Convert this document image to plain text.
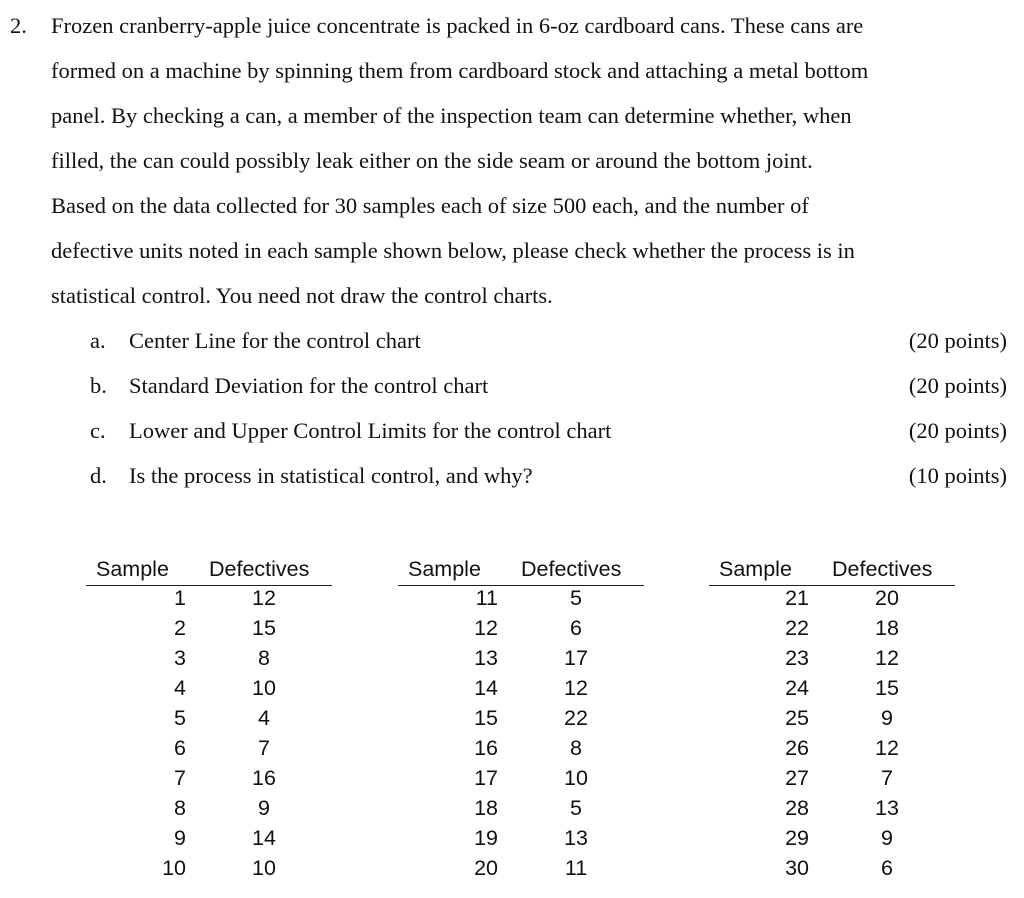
2. Frozen cranberry-apple juice concentrate is packed in 6-oz cardboard cans. These cans are
formed on a machine by spinning them from cardboard stock and attaching a metal bottom
panel. By checking a can, a member of the inspection team can determine whether, when
filled, the can could possibly leak either on the side seam or around the bottom joint.
Based on the data collected for 30 samples each of size 500 each, and the number of
defective units noted in each sample shown below, please check whether the process is in
statistical control. You need not draw the control charts.
a. Center Line for the control chart	(20 points)
b. Standard Deviation for the control chart	(20 points)
c. Lower and Upper Control Limits for the control chart	(20 points)
d. Is the process in statistical control, and why?	(10 points)
Sample Defectives
1	12
2	15
3	8
4	10
5	4
6	7
7	16
8	9
9	14
10	10
Sample Defectives
11	5
12	6
13	17
14	12
15	22
16	8
17	10
18	5
19	13
20	11
Sample Defectives
21	20
22	18
23	12
24	15
25	9
26	12
27	7
28	13
29	9
30	6
